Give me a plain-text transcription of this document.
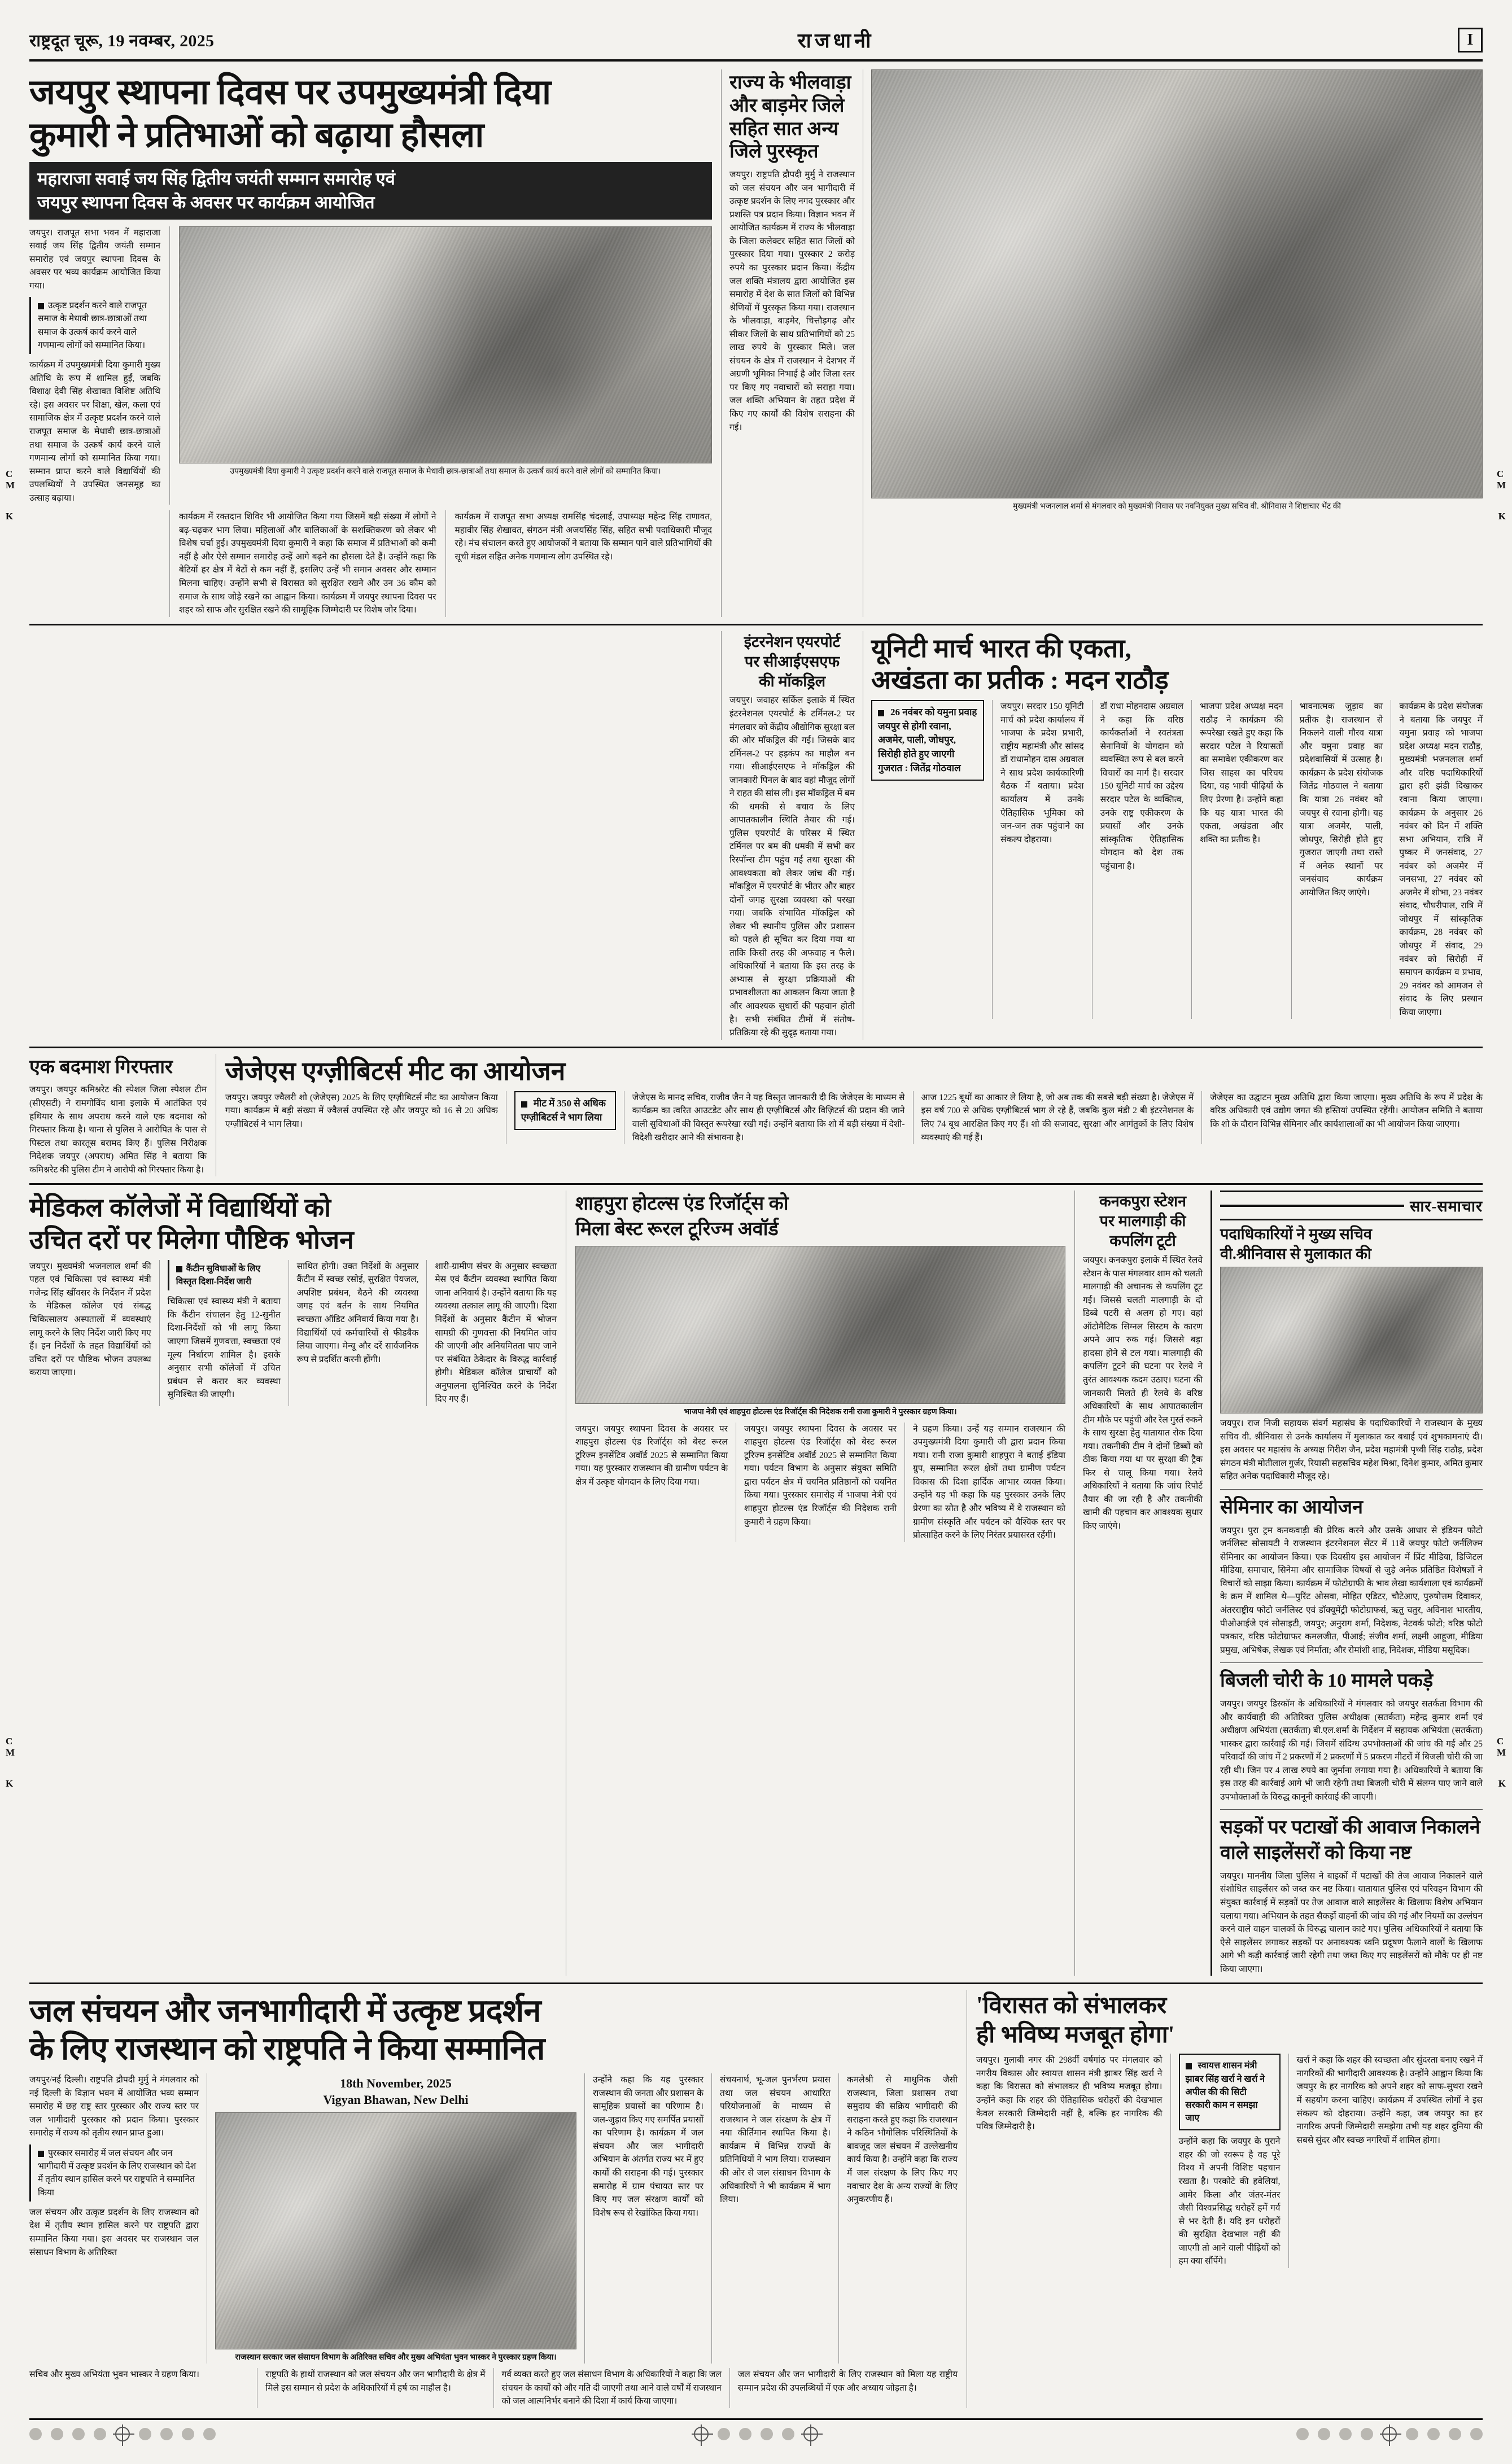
C
M
K
C
M
K
C
M
K
C
M
K
राष्ट्रदूत चूरू, 19 नवम्बर, 2025	राजधानी	I
जयपुर स्थापना दिवस पर उपमुख्यमंत्री दिया
कुमारी ने प्रतिभाओं को बढ़ाया हौसला
महाराजा सवाई जय सिंह द्वितीय जयंती सम्मान समारोह एवं
जयपुर स्थापना दिवस के अवसर पर कार्यक्रम आयोजित
जयपुर। राजपूत सभा भवन में महाराजा सवाई जय सिंह द्वितीय जयंती सम्मान समारोह एवं जयपुर स्थापना दिवस के अवसर पर भव्य कार्यक्रम आयोजित किया गया।
उत्कृष्ट प्रदर्शन करने वाले राजपूत समाज के मेधावी छात्र-छात्राओं तथा समाज के उत्कर्ष कार्य करने वाले गणमान्य लोगों को सम्मानित किया।
कार्यक्रम में उपमुख्यमंत्री दिया कुमारी मुख्य अतिथि के रूप में शामिल हुईं, जबकि विशाक्ष देवी सिंह शेखावत विशिष्ट अतिथि रहे। इस अवसर पर शिक्षा, खेल, कला एवं सामाजिक क्षेत्र में उत्कृष्ट प्रदर्शन करने वाले राजपूत समाज के मेधावी छात्र-छात्राओं तथा समाज के उत्कर्ष कार्य करने वाले गणमान्य लोगों को सम्मानित किया गया। सम्मान प्राप्त करने वाले विद्यार्थियों की उपलब्धियों ने उपस्थित जनसमूह का उत्साह बढ़ाया।
उपमुख्यमंत्री दिया कुमारी ने उत्कृष्ट प्रदर्शन करने वाले राजपूत समाज के मेधावी छात्र-छात्राओं तथा समाज के उत्कर्ष कार्य करने वाले लोगों को सम्मानित किया।
कार्यक्रम में रक्तदान शिविर भी आयोजित किया गया जिसमें बड़ी संख्या में लोगों ने बढ़-चढ़कर भाग लिया। महिलाओं और बालिकाओं के सशक्तिकरण को लेकर भी विशेष चर्चा हुई। उपमुख्यमंत्री दिया कुमारी ने कहा कि समाज में प्रतिभाओं को कमी नहीं है और ऐसे सम्मान समारोह उन्हें आगे बढ़ने का हौसला देते हैं। उन्होंने कहा कि बेटियों हर क्षेत्र में बेटों से कम नहीं हैं, इसलिए उन्हें भी समान अवसर और सम्मान मिलना चाहिए। उन्होंने सभी से विरासत को सुरक्षित रखने और उन 36 कौम को समाज के साथ जोड़े रखने का आह्वान किया। कार्यक्रम में जयपुर स्थापना दिवस पर शहर को साफ और सुरक्षित रखने की सामूहिक जिम्मेदारी पर विशेष जोर दिया।
कार्यक्रम में राजपूत सभा अध्यक्ष रामसिंह चंदलाई, उपाध्यक्ष महेन्द्र सिंह राणावत, महावीर सिंह शेखावत, संगठन मंत्री अजयसिंह सिंह, सहित सभी पदाधिकारी मौजूद रहे। मंच संचालन करते हुए आयोजकों ने बताया कि सम्मान पाने वाले प्रतिभागियों की सूची मंडल सहित अनेक गणमान्य लोग उपस्थित रहे।
राज्य के भीलवाड़ा और बाड़मेर जिले सहित सात अन्य जिले पुरस्कृत
जयपुर। राष्ट्रपति द्रौपदी मुर्मु ने राजस्थान को जल संचयन और जन भागीदारी में उत्कृष्ट प्रदर्शन के लिए नगद पुरस्कार और प्रशस्ति पत्र प्रदान किया। विज्ञान भवन में आयोजित कार्यक्रम में राज्य के भीलवाड़ा के जिला कलेक्टर सहित सात जिलों को पुरस्कार दिया गया। पुरस्कार 2 करोड़ रुपये का पुरस्कार प्रदान किया। केंद्रीय जल शक्ति मंत्रालय द्वारा आयोजित इस समारोह में देश के सात जिलों को विभिन्न श्रेणियों में पुरस्कृत किया गया। राजस्थान के भीलवाड़ा, बाड़मेर, चित्तौड़गढ़ और सीकर जिलों के साथ प्रतिभागियों को 25 लाख रुपये के पुरस्कार मिले। जल संचयन के क्षेत्र में राजस्थान ने देशभर में अग्रणी भूमिका निभाई है और जिला स्तर पर किए गए नवाचारों को सराहा गया। जल शक्ति अभियान के तहत प्रदेश में किए गए कार्यों की विशेष सराहना की गई।
मुख्यमंत्री भजनलाल शर्मा से मंगलवार को मुख्यमंत्री निवास पर नवनियुक्त मुख्य सचिव वी. श्रीनिवास ने शिष्टाचार भेंट की
इंटरनेशन एयरपोर्ट
पर सीआईएसएफ
की मॉकड्रिल
जयपुर। जवाहर सर्किल इलाके में स्थित इंटरनेशनल एयरपोर्ट के टर्मिनल-2 पर मंगलवार को केंद्रीय औद्योगिक सुरक्षा बल की ओर मॉकड्रिल की गई। जिसके बाद टर्मिनल-2 पर हड़कंप का माहौल बन गया। सीआईएसएफ ने मॉकड्रिल की जानकारी पिनल के बाद वहां मौजूद लोगों ने राहत की सांस ली। इस मॉकड्रिल में बम की धमकी से बचाव के लिए आपातकालीन स्थिति तैयार की गई। पुलिस एयरपोर्ट के परिसर में स्थित टर्मिनल पर बम की धमकी में सभी कर रिस्पॉन्स टीम पहुंच गई तथा सुरक्षा की आवश्यकता को लेकर जांच की गई। मॉकड्रिल में एयरपोर्ट के भीतर और बाहर दोनों जगह सुरक्षा व्यवस्था को परखा गया। जबकि संभावित मॉकड्रिल को लेकर भी स्थानीय पुलिस और प्रशासन को पहले ही सूचित कर दिया गया था ताकि किसी तरह की अफवाह न फैले। अधिकारियों ने बताया कि इस तरह के अभ्यास से सुरक्षा प्रक्रियाओं की प्रभावशीलता का आकलन किया जाता है और आवश्यक सुधारों की पहचान होती है। सभी संबंधित टीमों में संतोष-प्रतिक्रिया रहे की सुदृढ़ बताया गया।
यूनिटी मार्च भारत की एकता,
अखंडता का प्रतीक : मदन राठौड़
26 नवंबर को यमुना प्रवाह जयपुर से होगी रवाना, अजमेर, पाली, जोधपुर, सिरोही होते हुए जाएगी गुजरात : जितेंद्र गोठवाल
जयपुर। सरदार 150 यूनिटी मार्च को प्रदेश कार्यालय में भाजपा के प्रदेश प्रभारी, राष्ट्रीय महामंत्री और सांसद डॉ राधामोहन दास अग्रवाल ने साथ प्रदेश कार्यकारिणी बैठक में बताया। प्रदेश कार्यालय में उनके ऐतिहासिक भूमिका को जन-जन तक पहुंचाने का संकल्प दोहराया।
डॉ राधा मोहनदास अग्रवाल ने कहा कि वरिष्ठ कार्यकर्ताओं ने स्वतंत्रता सेनानियों के योगदान को व्यवस्थित रूप से बल करने विचारों का मार्ग है। सरदार 150 यूनिटी मार्च का उद्देश्य सरदार पटेल के व्यक्तित्व, उनके राष्ट्र एकीकरण के प्रयासों और उनके सांस्कृतिक ऐतिहासिक योगदान को देश तक पहुंचाना है।
भाजपा प्रदेश अध्यक्ष मदन राठौड़ ने कार्यक्रम की रूपरेखा रखते हुए कहा कि सरदार पटेल ने रियासतों का समावेश एकीकरण कर जिस साहस का परिचय दिया, वह भावी पीढ़ियों के लिए प्रेरणा है। उन्होंने कहा कि यह यात्रा भारत की एकता, अखंडता और शक्ति का प्रतीक है।
भावनात्मक जुड़ाव का प्रतीक है। राजस्थान से निकलने वाली गौरव यात्रा और यमुना प्रवाह का प्रदेशवासियों में उत्साह है। कार्यक्रम के प्रदेश संयोजक जितेंद्र गोठवाल ने बताया कि यात्रा 26 नवंबर को जयपुर से रवाना होगी। यह यात्रा अजमेर, पाली, जोधपुर, सिरोही होते हुए गुजरात जाएगी तथा रास्ते में अनेक स्थानों पर जनसंवाद कार्यक्रम आयोजित किए जाएंगे।
कार्यक्रम के प्रदेश संयोजक ने बताया कि जयपुर में यमुना प्रवाह को भाजपा प्रदेश अध्यक्ष मदन राठौड़, मुख्यमंत्री भजनलाल शर्मा और वरिष्ठ पदाधिकारियों द्वारा हरी झंडी दिखाकर रवाना किया जाएगा। कार्यक्रम के अनुसार 26 नवंबर को दिन में शक्ति सभा अभियान, रात्रि में पुष्कर में जनसंवाद, 27 नवंबर को अजमेर में जनसभा, 27 नवंबर को अजमेर में शोभा, 23 नवंबर संवाद, चौधरीपाल, रात्रि में जोधपुर में सांस्कृतिक कार्यक्रम, 28 नवंबर को जोधपुर में संवाद, 29 नवंबर को सिरोही में समापन कार्यक्रम व प्रभाव, 29 नवंबर को आमजन से संवाद के लिए प्रस्थान किया जाएगा।
एक बदमाश गिरफ्तार
जयपुर। जयपुर कमिश्नरेट की स्पेशल जिला स्पेशल टीम (सीएसटी) ने रामगोविंद थाना इलाके में आतंकित एवं हथियार के साथ अपराध करने वाले एक बदमाश को गिरफ्तार किया है। थाना से पुलिस ने आरोपित के पास से पिस्टल तथा कारतूस बरामद किए हैं। पुलिस निरीक्षक निदेशक जयपुर (अपराध) अमित सिंह ने बताया कि कमिश्नरेट की पुलिस टीम ने आरोपी को गिरफ्तार किया है।
जेजेएस एग्ज़ीबिटर्स मीट का आयोजन
जयपुर। जयपुर ज्वैलरी शो (जेजेएस) 2025 के लिए एग्ज़ीबिटर्स मीट का आयोजन किया गया। कार्यक्रम में बड़ी संख्या में ज्वैलर्स उपस्थित रहे और जयपुर को 16 से 20 अधिक एग्ज़ीबिटर्स ने भाग लिया।
मीट में 350 से अधिक एग्ज़ीबिटर्स ने भाग लिया
जेजेएस के मानद सचिव, राजीव जैन ने यह विस्तृत जानकारी दी कि जेजेएस के माध्यम से कार्यक्रम का त्वरित आउटडेट और साथ ही एग्ज़ीबिटर्स और विज़िटर्स की प्रदान की जाने वाली सुविधाओं की विस्तृत रूपरेखा रखी गई। उन्होंने बताया कि शो में बड़ी संख्या में देशी-विदेशी खरीदार आने की संभावना है।
आज 1225 बूथों का आकार ले लिया है, जो अब तक की सबसे बड़ी संख्या है। जेजेएस में इस वर्ष 700 से अधिक एग्ज़ीबिटर्स भाग ले रहे हैं, जबकि कुल मंडी 2 बी इंटरनेशनल के लिए 74 बूथ आरक्षित किए गए हैं। शो की सजावट, सुरक्षा और आगंतुकों के लिए विशेष व्यवस्थाएं की गई हैं।
जेजेएस का उद्घाटन मुख्य अतिथि द्वारा किया जाएगा। मुख्य अतिथि के रूप में प्रदेश के वरिष्ठ अधिकारी एवं उद्योग जगत की हस्तियां उपस्थित रहेंगी। आयोजन समिति ने बताया कि शो के दौरान विभिन्न सेमिनार और कार्यशालाओं का भी आयोजन किया जाएगा।
मेडिकल कॉलेजों में विद्यार्थियों को
उचित दरों पर मिलेगा पौष्टिक भोजन
जयपुर। मुख्यमंत्री भजनलाल शर्मा की पहल एवं चिकित्सा एवं स्वास्थ्य मंत्री गजेन्द्र सिंह खींवसर के निर्देशन में प्रदेश के मेडिकल कॉलेज एवं संबद्ध चिकित्सालय अस्पतालों में व्यवस्थाएं लागू करने के लिए निर्देश जारी किए गए हैं। इन निर्देशों के तहत विद्यार्थियों को उचित दरों पर पौष्टिक भोजन उपलब्ध कराया जाएगा।
कैंटीन सुविधाओं के लिए विस्तृत दिशा-निर्देश जारी
चिकित्सा एवं स्वास्थ्य मंत्री ने बताया कि कैंटीन संचालन हेतु 12-सुनीत दिशा-निर्देशों को भी लागू किया जाएगा जिसमें गुणवत्ता, स्वच्छता एवं मूल्य निर्धारण शामिल है। इसके अनुसार सभी कॉलेजों में उचित प्रबंधन से करार कर व्यवस्था सुनिश्चित की जाएगी।
साथित होगी। उक्त निर्देशों के अनुसार कैंटीन में स्वच्छ रसोई, सुरक्षित पेयजल, अपशिष्ट प्रबंधन, बैठने की व्यवस्था जगह एवं बर्तन के साथ नियमित स्वच्छता ऑडिट अनिवार्य किया गया है। विद्यार्थियों एवं कर्मचारियों से फीडबैक लिया जाएगा। मेन्यू और दरें सार्वजनिक रूप से प्रदर्शित करनी होंगी।
शारी-ग्रामीण संचर के अनुसार स्वच्छता मेस एवं कैंटीन व्यवस्था स्थापित किया जाना अनिवार्य है। उन्होंने बताया कि यह व्यवस्था तत्काल लागू की जाएगी। दिशा निर्देशों के अनुसार कैंटीन में भोजन सामग्री की गुणवत्ता की नियमित जांच की जाएगी और अनियमितता पाए जाने पर संबंधित ठेकेदार के विरुद्ध कार्रवाई होगी। मेडिकल कॉलेज प्राचार्यों को अनुपालना सुनिश्चित करने के निर्देश दिए गए हैं।
शाहपुरा होटल्स एंड रिजॉर्ट्स को
मिला बेस्ट रूरल टूरिज्म अवॉर्ड
भाजपा नेत्री एवं शाहपुरा होटल्स एंड रिजॉर्ट्स की निदेशक रानी राजा कुमारी ने पुरस्कार ग्रहण किया।
जयपुर। जयपुर स्थापना दिवस के अवसर पर शाहपुरा होटल्स एंड रिजॉर्ट्स को बेस्ट रूरल टूरिज्म इनसेंटिव अवॉर्ड 2025 से सम्मानित किया गया। यह पुरस्कार राजस्थान की ग्रामीण पर्यटन के क्षेत्र में उत्कृष्ट योगदान के लिए दिया गया।
जयपुर। जयपुर स्थापना दिवस के अवसर पर शाहपुरा होटल्स एंड रिजॉर्ट्स को बेस्ट रूरल टूरिज्म इनसेंटिव अवॉर्ड 2025 से सम्मानित किया गया। पर्यटन विभाग के अनुसार संयुक्त समिति द्वारा पर्यटन क्षेत्र में चयनित प्रतिष्ठानों को चयनित किया गया। पुरस्कार समारोह में भाजपा नेत्री एवं शाहपुरा होटल्स एंड रिजॉर्ट्स की निदेशक रानी कुमारी ने ग्रहण किया।
ने ग्रहण किया। उन्हें यह सम्मान राजस्थान की उपमुख्यमंत्री दिया कुमारी जी द्वारा प्रदान किया गया। रानी राजा कुमारी शाहपुरा ने बताई इंडिया ग्रुप, सम्मानित रूरल क्षेत्रों तथा ग्रामीण पर्यटन विकास की दिशा हार्दिक आभार व्यक्त किया। उन्होंने यह भी कहा कि यह पुरस्कार उनके लिए प्रेरणा का स्रोत है और भविष्य में वे राजस्थान को ग्रामीण संस्कृति और पर्यटन को वैश्विक स्तर पर प्रोत्साहित करने के लिए निरंतर प्रयासरत रहेंगी।
कनकपुरा स्टेशन
पर मालगाड़ी की
कपलिंग टूटी
जयपुर। कनकपुरा इलाके में स्थित रेलवे स्टेशन के पास मंगलवार शाम को चलती मालगाड़ी की अचानक से कपलिंग टूट गई। जिससे चलती मालगाड़ी के दो डिब्बे पटरी से अलग हो गए। वहां ऑटोमैटिक सिग्नल सिस्टम के कारण अपने आप रुक गई। जिससे बड़ा हादसा होने से टल गया। मालगाड़ी की कपलिंग टूटने की घटना पर रेलवे ने तुरंत आवश्यक कदम उठाए। घटना की जानकारी मिलते ही रेलवे के वरिष्ठ अधिकारियों के साथ आपातकालीन टीम मौके पर पहुंची और रेल गुर्स्त रुकने के साथ सुरक्षा हेतु यातायात रोक दिया गया। तकनीकी टीम ने दोनों डिब्बों को ठीक किया गया था पर सुरक्षा की ट्रैक फिर से चालू किया गया। रेलवे अधिकारियों ने बताया कि जांच रिपोर्ट तैयार की जा रही है और तकनीकी खामी की पहचान कर आवश्यक सुधार किए जाएंगे।
सार-समाचार
पदाधिकारियों ने मुख्य सचिव
वी.श्रीनिवास से मुलाकात की
जयपुर। राज निजी सहायक संवर्ग महासंघ के पदाधिकारियों ने राजस्थान के मुख्य सचिव वी. श्रीनिवास से उनके कार्यालय में मुलाकात कर बधाई एवं शुभकामनाएं दी। इस अवसर पर महासंघ के अध्यक्ष गिरीश जैन, प्रदेश महामंत्री पृथ्वी सिंह राठौड़, प्रदेश संगठन मंत्री मोतीलाल गुर्जर, रियासी सहसचिव महेश मिश्रा, दिनेश कुमार, अमित कुमार सहित अनेक पदाधिकारी मौजूद रहे।
सेमिनार का आयोजन
जयपुर। पुरा ट्रम कनकवाड़ी की प्रेरिक करने और उसके आधार से इंडियन फोटो जर्नलिस्ट सोसायटी ने राजस्थान इंटरनेशनल सेंटर में 11वें जयपुर फोटो जर्नलिज्म सेमिनार का आयोजन किया। एक दिवसीय इस आयोजन में प्रिंट मीडिया, डिजिटल मीडिया, समाचार, सिनेमा और सामाजिक विषयों से जुड़े अनेक प्रतिष्ठित विशेषज्ञों ने विचारों को साझा किया। कार्यक्रम में फोटोग्राफी के भाव लेखा कार्यशाला एवं कार्यक्रमों के क्रम में शामिल थे—पुरिंट ओसवा, मोहित एडिटर, चौटेआए, पुरुषोत्तम दिवाकर, अंतरराष्ट्रीय फोटो जर्नलिस्ट एवं डॉक्यूमेंट्री फोटोग्राफर्स, ऋतु चतुर, अविनाश भारतीय, पीओआईजे एवं सोसाइटी, जयपुर; अनुराग शर्मा, निदेशक, नेटवर्क फोटो; वरिष्ठ फोटो पत्रकार, वरिष्ठ फोटोग्राफर कमलजीत, पीआई; संजीव शर्मा, लक्ष्मी आहूजा, मीडिया प्रमुख, अभिषेक, लेखक एवं निर्माता; और रोमांशी शाह, निदेशक, मीडिया मसूदिक।
बिजली चोरी के 10 मामले पकड़े
जयपुर। जयपुर डिस्कॉम के अधिकारियों ने मंगलवार को जयपुर सतर्कता विभाग की और कार्यवाही की अतिरिक्त पुलिस अधीक्षक (सतर्कता) महेन्द्र कुमार शर्मा एवं अधीक्षण अभियंता (सतर्कता) बी.एल.शर्मा के निर्देशन में सहायक अभियंता (सतर्कता) भास्कर द्वारा कार्रवाई की गई। जिसमें संदिग्ध उपभोक्ताओं की जांच की गई और 25 परिवादों की जांच में 2 प्रकरणों में 2 प्रकरणों में 5 प्रकरण मीटरों में बिजली चोरी की जा रही थी। जिन पर 4 लाख रुपये का जुर्माना लगाया गया है। अधिकारियों ने बताया कि इस तरह की कार्रवाई आगे भी जारी रहेगी तथा बिजली चोरी में संलग्न पाए जाने वाले उपभोक्ताओं के विरुद्ध कानूनी कार्रवाई की जाएगी।
सड़कों पर पटाखों की आवाज निकालने
वाले साइलेंसरों को किया नष्ट
जयपुर। माननीय जिला पुलिस ने बाइकों में पटाखों की तेज आवाज निकालने वाले संशोधित साइलेंसर को जब्त कर नष्ट किया। यातायात पुलिस एवं परिवहन विभाग की संयुक्त कार्रवाई में सड़कों पर तेज आवाज वाले साइलेंसर के खिलाफ विशेष अभियान चलाया गया। अभियान के तहत सैकड़ों वाहनों की जांच की गई और नियमों का उल्लंघन करने वाले वाहन चालकों के विरुद्ध चालान काटे गए। पुलिस अधिकारियों ने बताया कि ऐसे साइलेंसर लगाकर सड़कों पर अनावश्यक ध्वनि प्रदूषण फैलाने वालों के खिलाफ आगे भी कड़ी कार्रवाई जारी रहेगी तथा जब्त किए गए साइलेंसरों को मौके पर ही नष्ट किया जाएगा।
जल संचयन और जनभागीदारी में उत्कृष्ट प्रदर्शन
के लिए राजस्थान को राष्ट्रपति ने किया सम्मानित
जयपुर/नई दिल्ली। राष्ट्रपति द्रौपदी मुर्मु ने मंगलवार को नई दिल्ली के विज्ञान भवन में आयोजित भव्य सम्मान समारोह में छह राष्ट्र स्तर पुरस्कार और राज्य स्तर पर जल भागीदारी पुरस्कार को प्रदान किया। पुरस्कार समारोह में राज्य को तृतीय स्थान प्राप्त हुआ।
पुरस्कार समारोह में जल संचयन और जन भागीदारी में उत्कृष्ट प्रदर्शन के लिए राजस्थान को देश में तृतीय स्थान हासिल करने पर राष्ट्रपति ने सम्मानित किया
जल संचयन और उत्कृष्ट प्रदर्शन के लिए राजस्थान को देश में तृतीय स्थान हासिल करने पर राष्ट्रपति द्वारा सम्मानित किया गया। इस अवसर पर राजस्थान जल संसाधन विभाग के अतिरिक्त
18th November, 2025
Vigyan Bhawan, New Delhi
राजस्थान सरकार जल संसाधन विभाग के अतिरिक्त सचिव और मुख्य अभियंता भुवन भास्कर ने पुरस्कार ग्रहण किया।
उन्होंने कहा कि यह पुरस्कार राजस्थान की जनता और प्रशासन के सामूहिक प्रयासों का परिणाम है। जल-जुड़ाव किए गए समर्पित प्रयासों का परिणाम है। कार्यक्रम में जल संचयन और जल भागीदारी अभियान के अंतर्गत राज्य भर में हुए कार्यों की सराहना की गई। पुरस्कार समारोह में ग्राम पंचायत स्तर पर किए गए जल संरक्षण कार्यों को विशेष रूप से रेखांकित किया गया।
संचयनार्थ, भू-जल पुनर्भरण प्रयास तथा जल संचयन आधारित परियोजनाओं के माध्यम से राजस्थान ने जल संरक्षण के क्षेत्र में नया कीर्तिमान स्थापित किया है। कार्यक्रम में विभिन्न राज्यों के प्रतिनिधियों ने भाग लिया। राजस्थान की ओर से जल संसाधन विभाग के अधिकारियों ने भी कार्यक्रम में भाग लिया।
कमलेश्री से माधुनिक जैसी राजस्थान, जिला प्रशासन तथा समुदाय की सक्रिय भागीदारी की सराहना करते हुए कहा कि राजस्थान ने कठिन भौगोलिक परिस्थितियों के बावजूद जल संचयन में उल्लेखनीय कार्य किया है। उन्होंने कहा कि राज्य में जल संरक्षण के लिए किए गए नवाचार देश के अन्य राज्यों के लिए अनुकरणीय हैं।
सचिव और मुख्य अभियंता भुवन भास्कर ने ग्रहण किया।	राष्ट्रपति के हाथों राजस्थान को जल संचयन और जन भागीदारी के क्षेत्र में मिले इस सम्मान से प्रदेश के अधिकारियों में हर्ष का माहौल है।
गर्व व्यक्त करते हुए जल संसाधन विभाग के अधिकारियों ने कहा कि जल संचयन के कार्यों को और गति दी जाएगी तथा आने वाले वर्षों में राजस्थान को जल आत्मनिर्भर बनाने की दिशा में कार्य किया जाएगा।
जल संचयन और जन भागीदारी के लिए राजस्थान को मिला यह राष्ट्रीय सम्मान प्रदेश की उपलब्धियों में एक और अध्याय जोड़ता है।
'विरासत को संभालकर
ही भविष्य मजबूत होगा'
जयपुर। गुलाबी नगर की 298वीं वर्षगांठ पर मंगलवार को नगरीय विकास और स्वायत्त शासन मंत्री झाबर सिंह खर्रा ने कहा कि विरासत को संभालकर ही भविष्य मजबूत होगा। उन्होंने कहा कि शहर की ऐतिहासिक धरोहरों की देखभाल केवल सरकारी जिम्मेदारी नहीं है, बल्कि हर नागरिक की पवित्र जिम्मेदारी है।
स्वायत्त शासन मंत्री झाबर सिंह खर्रा ने खर्रा ने अपील की की सिटी सरकारी काम न समझा जाए
उन्होंने कहा कि जयपुर के पुराने शहर की जो स्वरूप है वह पूरे विश्व में अपनी विशिष्ट पहचान रखता है। परकोटे की हवेलियां, आमेर किला और जंतर-मंतर जैसी विश्वप्रसिद्ध धरोहरें हमें गर्व से भर देती हैं। यदि इन धरोहरों की सुरक्षित देखभाल नहीं की जाएगी तो आने वाली पीढ़ियों को हम क्या सौंपेंगे।
खर्रा ने कहा कि शहर की स्वच्छता और सुंदरता बनाए रखने में नागरिकों की भागीदारी आवश्यक है। उन्होंने आह्वान किया कि जयपुर के हर नागरिक को अपने शहर को साफ-सुथरा रखने में सहयोग करना चाहिए। कार्यक्रम में उपस्थित लोगों ने इस संकल्प को दोहराया। उन्होंने कहा, जब जयपुर का हर नागरिक अपनी जिम्मेदारी समझेगा तभी यह शहर दुनिया की सबसे सुंदर और स्वच्छ नगरियों में शामिल होगा।
